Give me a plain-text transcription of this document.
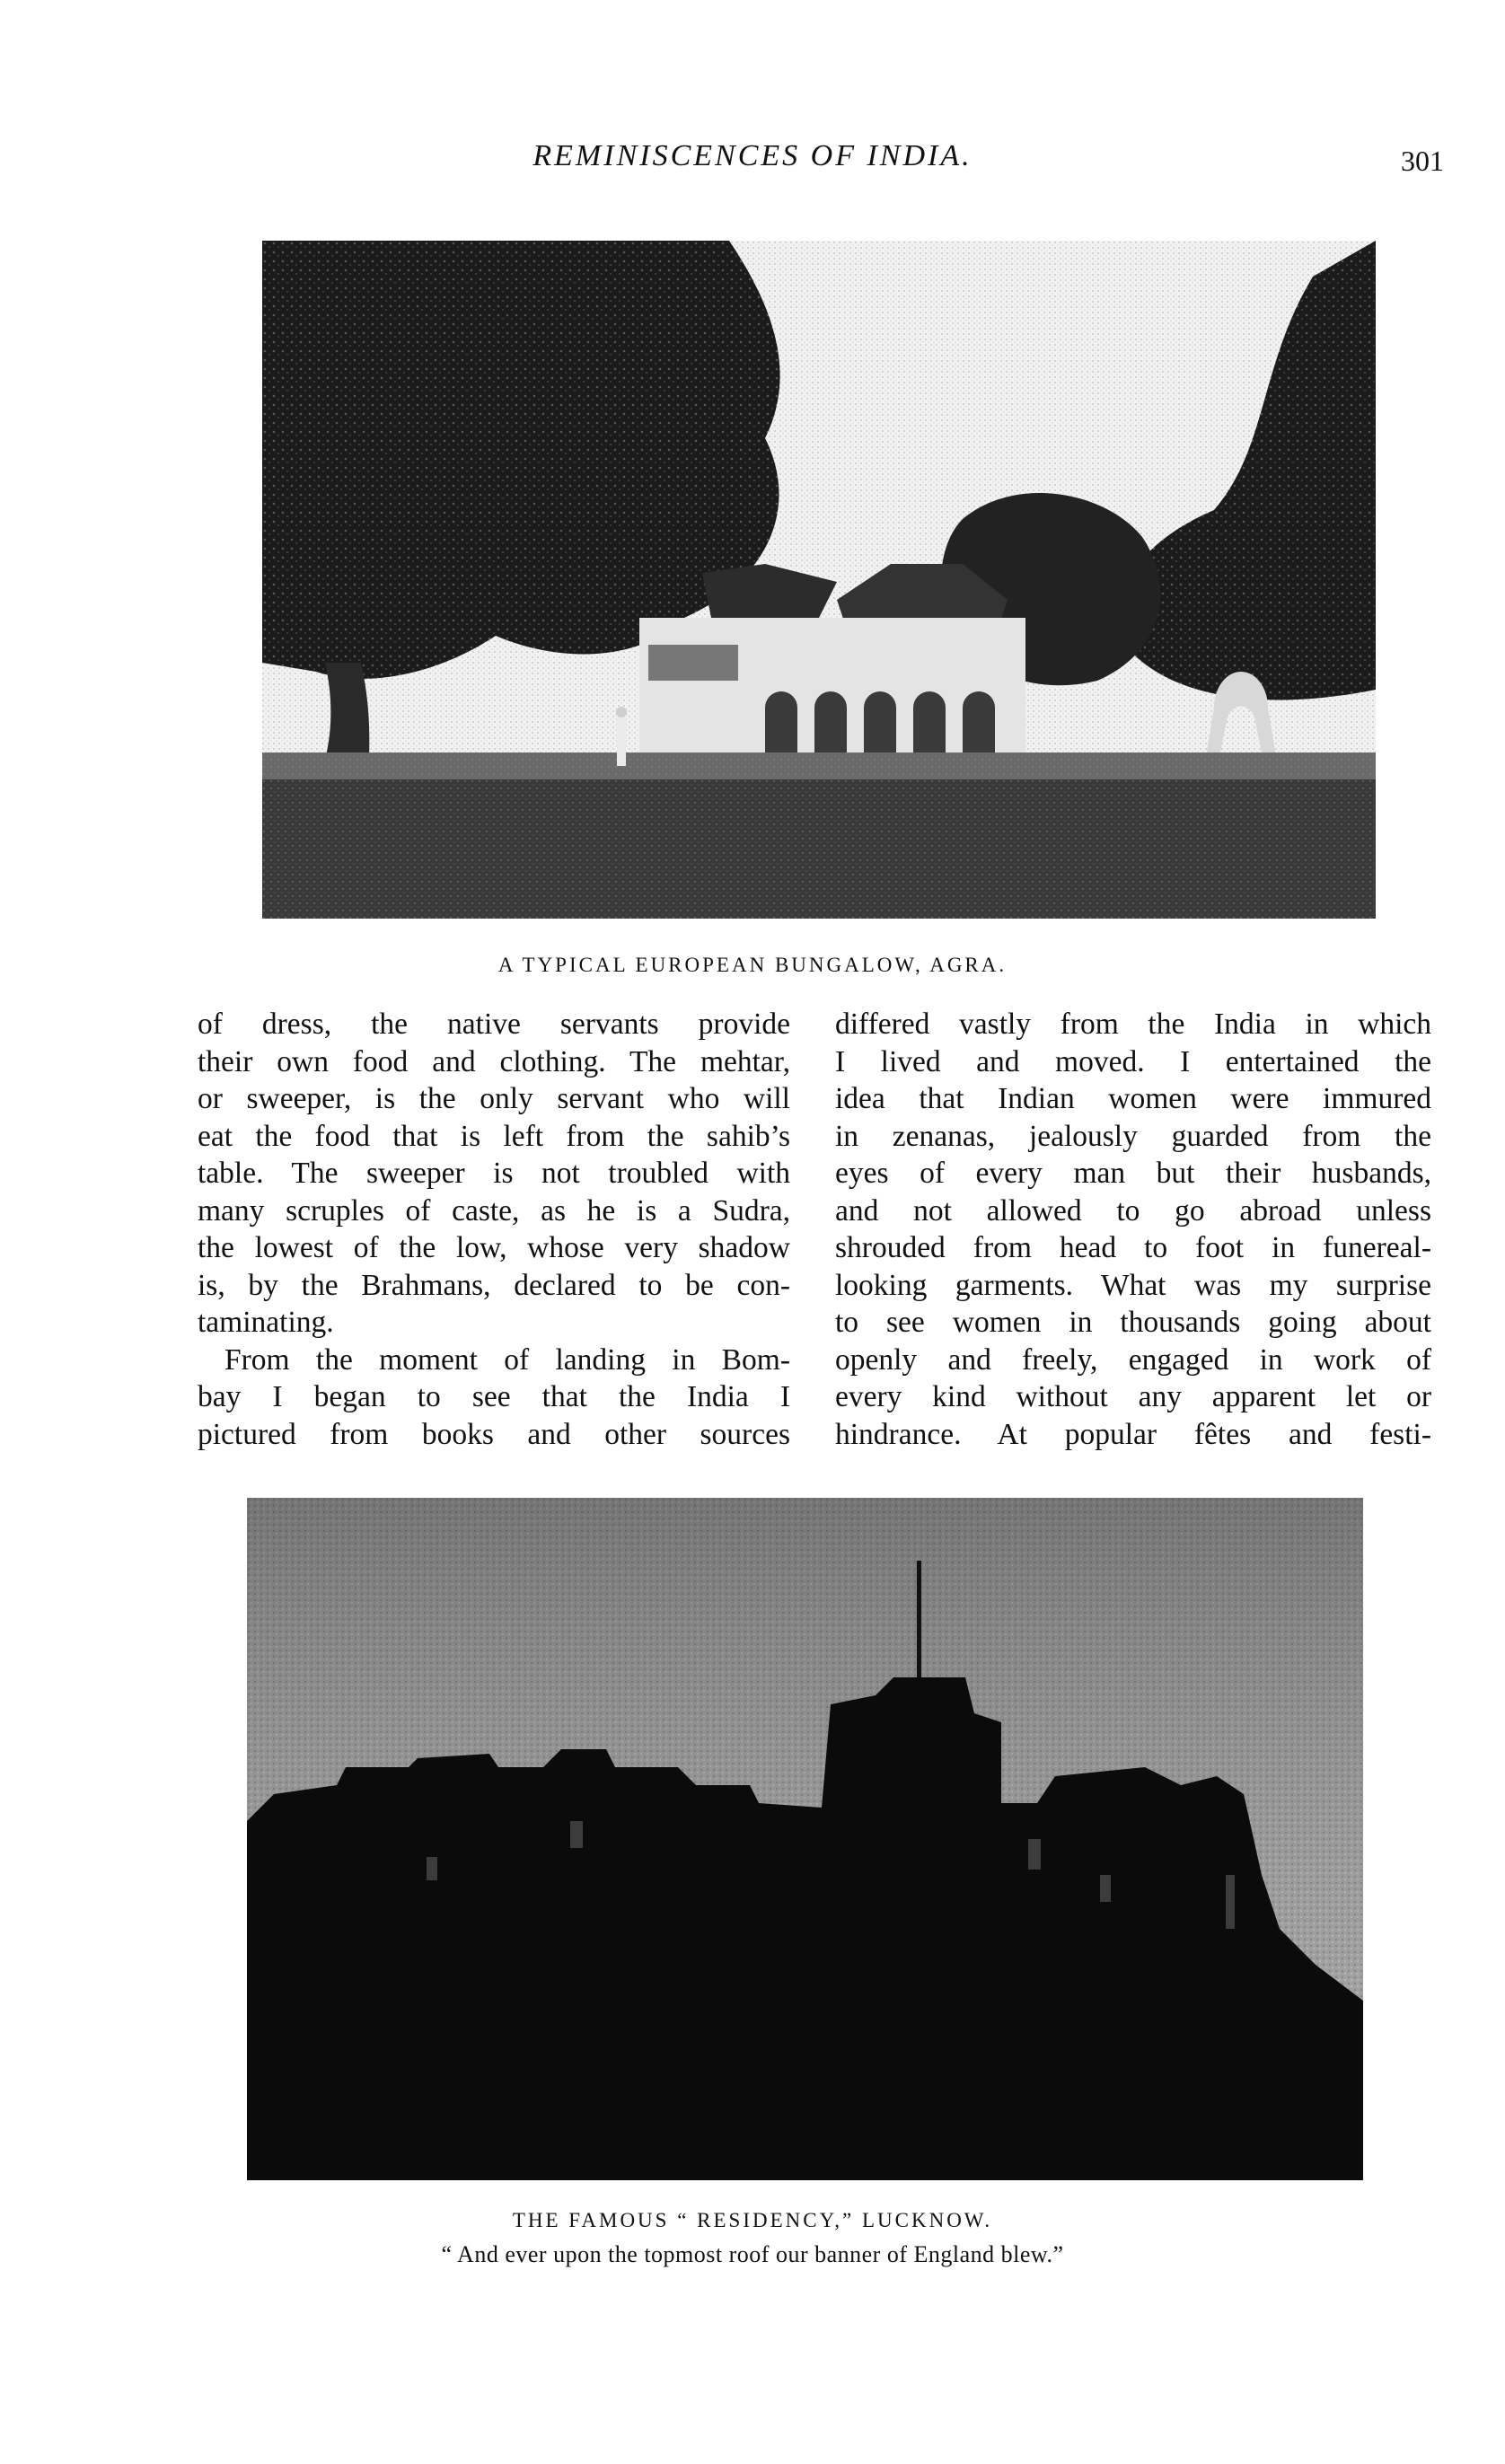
REMINISCENCES OF INDIA.	301
A TYPICAL EUROPEAN BUNGALOW, AGRA.
of dress, the native servants provide
their own food and clothing. The mehtar,
or sweeper, is the only servant who will
eat the food that is left from the sahib’s
table. The sweeper is not troubled with
many scruples of caste, as he is a Sudra,
the lowest of the low, whose very shadow
is, by the Brahmans, declared to be con-
taminating.
From the moment of landing in Bom-
bay I began to see that the India I
pictured from books and other sources
differed vastly from the India in which
I lived and moved. I entertained the
idea that Indian women were immured
in zenanas, jealously guarded from the
eyes of every man but their husbands,
and not allowed to go abroad unless
shrouded from head to foot in funereal-
looking garments. What was my surprise
to see women in thousands going about
openly and freely, engaged in work of
every kind without any apparent let or
hindrance. At popular fêtes and festi-
THE FAMOUS “ RESIDENCY,” LUCKNOW.
“ And ever upon the topmost roof our banner of England blew.”
